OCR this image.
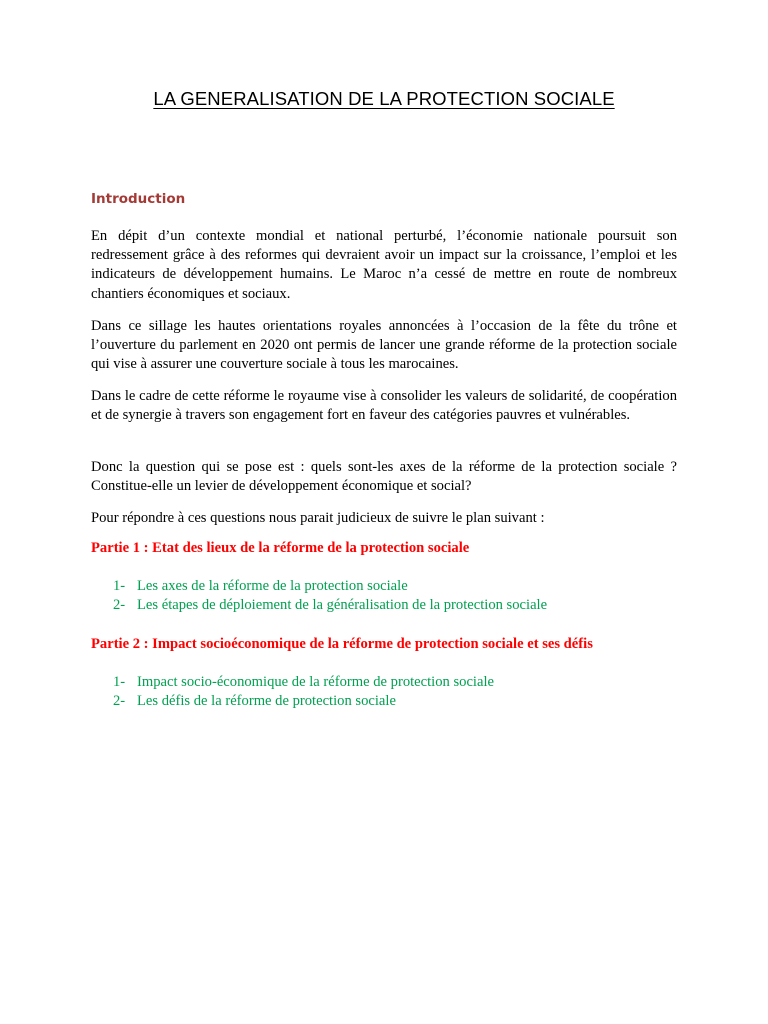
LA GENERALISATION DE LA PROTECTION SOCIALE
Introduction

En dépit d’un contexte mondial et national perturbé, l’économie nationale poursuit son redressement grâce à des reformes qui devraient avoir un impact sur la croissance, l’emploi et les indicateurs de développement humains. Le Maroc n’a cessé de mettre en route de nombreux chantiers économiques et sociaux.

Dans ce sillage les hautes orientations royales annoncées à l’occasion de la fête du trône et l’ouverture du parlement en 2020 ont permis de lancer une grande réforme de la protection sociale qui vise à assurer une couverture sociale à tous les marocaines.

Dans le cadre de cette réforme le royaume vise à consolider les valeurs de solidarité, de coopération et de synergie à travers son engagement fort en faveur des catégories pauvres et vulnérables.

Donc la question qui se pose est : quels sont-les axes de la réforme de la protection sociale ? Constitue-elle un levier de développement économique et social?

Pour répondre à ces questions nous parait judicieux de suivre le plan suivant :

Partie 1 : Etat des lieux de la réforme de la protection sociale

1- Les axes de la réforme de la protection sociale
2- Les étapes de déploiement de la généralisation de la protection sociale

Partie 2 : Impact socioéconomique de la réforme de protection sociale et ses défis

1- Impact socio-économique de la réforme de protection sociale
2- Les défis de la réforme de protection sociale
